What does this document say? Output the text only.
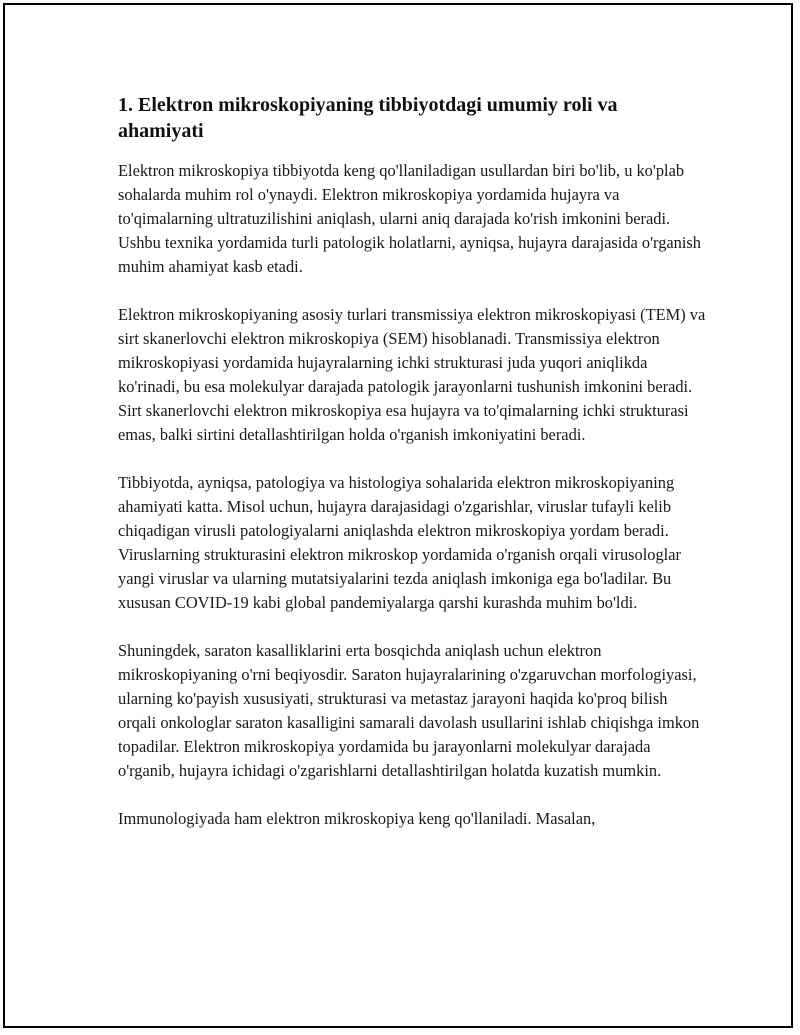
1. Elektron mikroskopiyaning tibbiyotdagi umumiy roli va ahamiyati

Elektron mikroskopiya tibbiyotda keng qo'llaniladigan usullardan biri bo'lib, u ko'plab sohalarda muhim rol o'ynaydi. Elektron mikroskopiya yordamida hujayra va to'qimalarning ultratuzilishini aniqlash, ularni aniq darajada ko'rish imkonini beradi. Ushbu texnika yordamida turli patologik holatlarni, ayniqsa, hujayra darajasida o'rganish muhim ahamiyat kasb etadi.

Elektron mikroskopiyaning asosiy turlari transmissiya elektron mikroskopiyasi (TEM) va sirt skanerlovchi elektron mikroskopiya (SEM) hisoblanadi. Transmissiya elektron mikroskopiyasi yordamida hujayralarning ichki strukturasi juda yuqori aniqlikda ko'rinadi, bu esa molekulyar darajada patologik jarayonlarni tushunish imkonini beradi. Sirt skanerlovchi elektron mikroskopiya esa hujayra va to'qimalarning ichki strukturasi emas, balki sirtini detallashtirilgan holda o'rganish imkoniyatini beradi.

Tibbiyotda, ayniqsa, patologiya va histologiya sohalarida elektron mikroskopiyaning ahamiyati katta. Misol uchun, hujayra darajasidagi o'zgarishlar, viruslar tufayli kelib chiqadigan virusli patologiyalarni aniqlashda elektron mikroskopiya yordam beradi. Viruslarning strukturasini elektron mikroskop yordamida o'rganish orqali virusologlar yangi viruslar va ularning mutatsiyalarini tezda aniqlash imkoniga ega bo'ladilar. Bu xususan COVID-19 kabi global pandemiyalarga qarshi kurashda muhim bo'ldi.

Shuningdek, saraton kasalliklarini erta bosqichda aniqlash uchun elektron mikroskopiyaning o'rni beqiyosdir. Saraton hujayralarining o'zgaruvchan morfologiyasi, ularning ko'payish xususiyati, strukturasi va metastaz jarayoni haqida ko'proq bilish orqali onkologlar saraton kasalligini samarali davolash usullarini ishlab chiqishga imkon topadilar. Elektron mikroskopiya yordamida bu jarayonlarni molekulyar darajada o'rganib, hujayra ichidagi o'zgarishlarni detallashtirilgan holatda kuzatish mumkin.

Immunologiyada ham elektron mikroskopiya keng qo'llaniladi. Masalan,
